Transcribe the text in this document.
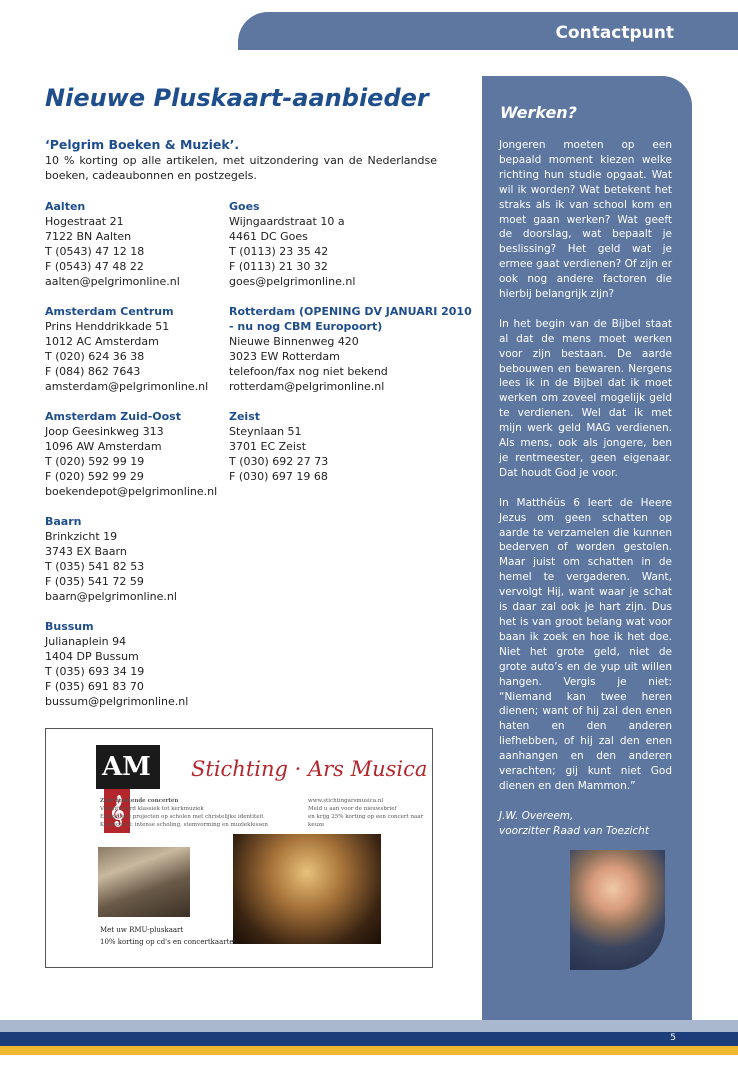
Contactpunt
Nieuwe Pluskaart-aanbieder

‘Pelgrim Boeken & Muziek’.

10 % korting op alle artikelen, met uitzondering van de Nederlandse boeken, cadeaubonnen en postzegels.

Aalten
Hogestraat 21
7122 BN Aalten
T (0543) 47 12 18
F (0543) 47 48 22
aalten@pelgrimonline.nl
Amsterdam Centrum
Prins Henddrikkade 51
1012 AC Amsterdam
T (020) 624 36 38
F (084) 862 7643
amsterdam@pelgrimonline.nl
Amsterdam Zuid-Oost
Joop Geesinkweg 313
1096 AW Amsterdam
T (020) 592 99 19
F (020) 592 99 29
boekendepot@pelgrimonline.nl
Baarn
Brinkzicht 19
3743 EX Baarn
T (035) 541 82 53
F (035) 541 72 59
baarn@pelgrimonline.nl
Bussum
Julianaplein 94
1404 DP Bussum
T (035) 693 34 19
F (035) 691 83 70
bussum@pelgrimonline.nl
Goes
Wijngaardstraat 10 a
4461 DC Goes
T (0113) 23 35 42
F (0113) 21 30 32
goes@pelgrimonline.nl
Rotterdam (OPENING DV JANUARI 2010
- nu nog CBM Europoort)
Nieuwe Binnenweg 420
3023 EW Rotterdam
telefoon/fax nog niet bekend
rotterdam@pelgrimonline.nl
Zeist
Steynlaan 51
3701 EC Zeist
T (030) 692 27 73
F (030) 697 19 68
AM𝄞
Stichting · Ars Musica
Zeer feestende concerten
Verantwoord klassiek tot kerkmuziek
Educatieve projecten op scholen met christelijke identiteit
Koorschool: intense scholing, stemvorming en muzieklessen
www.stichtingarsmusica.nl
Meld u aan voor de nieuwsbrief
en krijg 25% korting op een concert naar keuze
Met uw RMU-pluskaart
10% korting op cd's en concertkaarten
Werken?

Jongeren moeten op een bepaald moment kiezen welke richting hun studie opgaat. Wat wil ik worden? Wat betekent het straks als ik van school kom en moet gaan werken? Wat geeft de doorslag, wat bepaalt je beslissing? Het geld wat je ermee gaat verdienen? Of zijn er ook nog andere factoren die hierbij belangrijk zijn?

In het begin van de Bijbel staat al dat de mens moet werken voor zijn bestaan. De aarde bebouwen en bewaren. Nergens lees ik in de Bijbel dat ik moet werken om zoveel mogelijk geld te verdienen. Wel dat ik met mijn werk geld MAG verdienen. Als mens, ook als jongere, ben je rentmeester, geen eigenaar. Dat houdt God je voor.

In Matthéüs 6 leert de Heere Jezus om geen schatten op aarde te verzamelen die kunnen bederven of worden gestolen. Maar juist om schatten in de hemel te vergaderen. Want, vervolgt Hij, want waar je schat is daar zal ook je hart zijn. Dus het is van groot belang wat voor baan ik zoek en hoe ik het doe. Niet het grote geld, niet de grote auto’s en de yup uit willen hangen. Vergis je niet: “Niemand kan twee heren dienen; want of hij zal den enen haten en den anderen liefhebben, of hij zal den enen aanhangen en den anderen verachten; gij kunt niet God dienen en den Mammon.”

J.W. Overeem,
voorzitter Raad van Toezicht
5
